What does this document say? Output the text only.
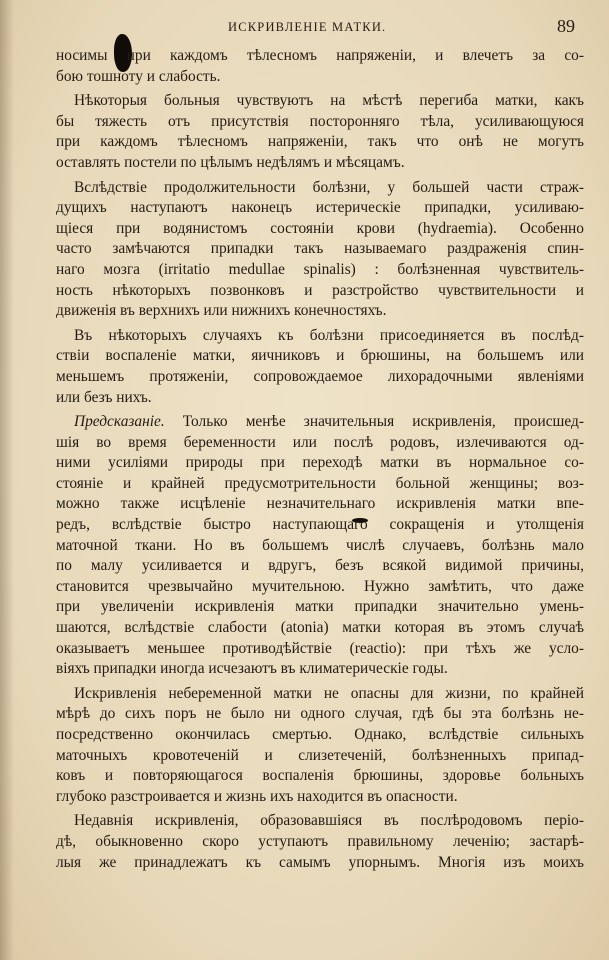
ИСКРИВЛЕНІЕ МАТКИ.	89
носимы при каждомъ тѣлесномъ напряженіи, и влечетъ за со-
бою тошноту и слабость.
Нѣкоторыя больныя чувствуютъ на мѣстѣ перегиба матки, какъ
бы тяжесть отъ присутствія посторонняго тѣла, усиливающуюся
при каждомъ тѣлесномъ напряженіи, такъ что онѣ не могутъ
оставлять постели по цѣлымъ недѣлямъ и мѣсяцамъ.
Вслѣдствіе продолжительности болѣзни, у большей части страж-
дущихъ наступаютъ наконецъ истерическіе припадки, усиливаю-
щіеся при водянистомъ состояніи крови (hydraemia). Особенно
часто замѣчаются припадки такъ называемаго раздраженія спин-
наго мозга (irritatio medullae spinalis) : болѣзненная чувствитель-
ность нѣкоторыхъ позвонковъ и разстройство чувствительности и
движенія въ верхнихъ или нижнихъ конечностяхъ.
Въ нѣкоторыхъ случаяхъ къ болѣзни присоединяется въ послѣд-
ствіи воспаленіе матки, яичниковъ и брюшины, на большемъ или
меньшемъ протяженіи, сопровождаемое лихорадочными явленіями
или безъ нихъ.
Предсказаніе. Только менѣе значительныя искривленія, происшед-
шія во время беременности или послѣ родовъ, излечиваются од-
ними усиліями природы при переходѣ матки въ нормальное со-
стояніе и крайней предусмотрительности больной женщины; воз-
можно также исцѣленіе незначительнаго искривленія матки впе-
редъ, вслѣдствіе быстро наступающаго сокращенія и утолщенія
маточной ткани. Но въ большемъ числѣ случаевъ, болѣзнь мало
по малу усиливается и вдругъ, безъ всякой видимой причины,
становится чрезвычайно мучительною. Нужно замѣтить, что даже
при увеличеніи искривленія матки припадки значительно умень-
шаются, вслѣдствіе слабости (atonia) матки которая въ этомъ случаѣ
оказываетъ меньшее противодѣйствіе (reactio): при тѣхъ же усло-
віяхъ припадки иногда исчезаютъ въ климатерическіе годы.
Искривленія небеременной матки не опасны для жизни, по крайней
мѣрѣ до сихъ поръ не было ни одного случая, гдѣ бы эта болѣзнь не-
посредственно окончилась смертью. Однако, вслѣдствіе сильныхъ
маточныхъ кровотеченій и слизетеченій, болѣзненныхъ припад-
ковъ и повторяющагося воспаленія брюшины, здоровье больныхъ
глубоко разстроивается и жизнь ихъ находится въ опасности.
Недавнія искривленія, образовавшіяся въ послѣродовомъ періо-
дѣ, обыкновенно скоро уступаютъ правильному леченію; застарѣ-
лыя же принадлежатъ къ самымъ упорнымъ. Многія изъ моихъ
